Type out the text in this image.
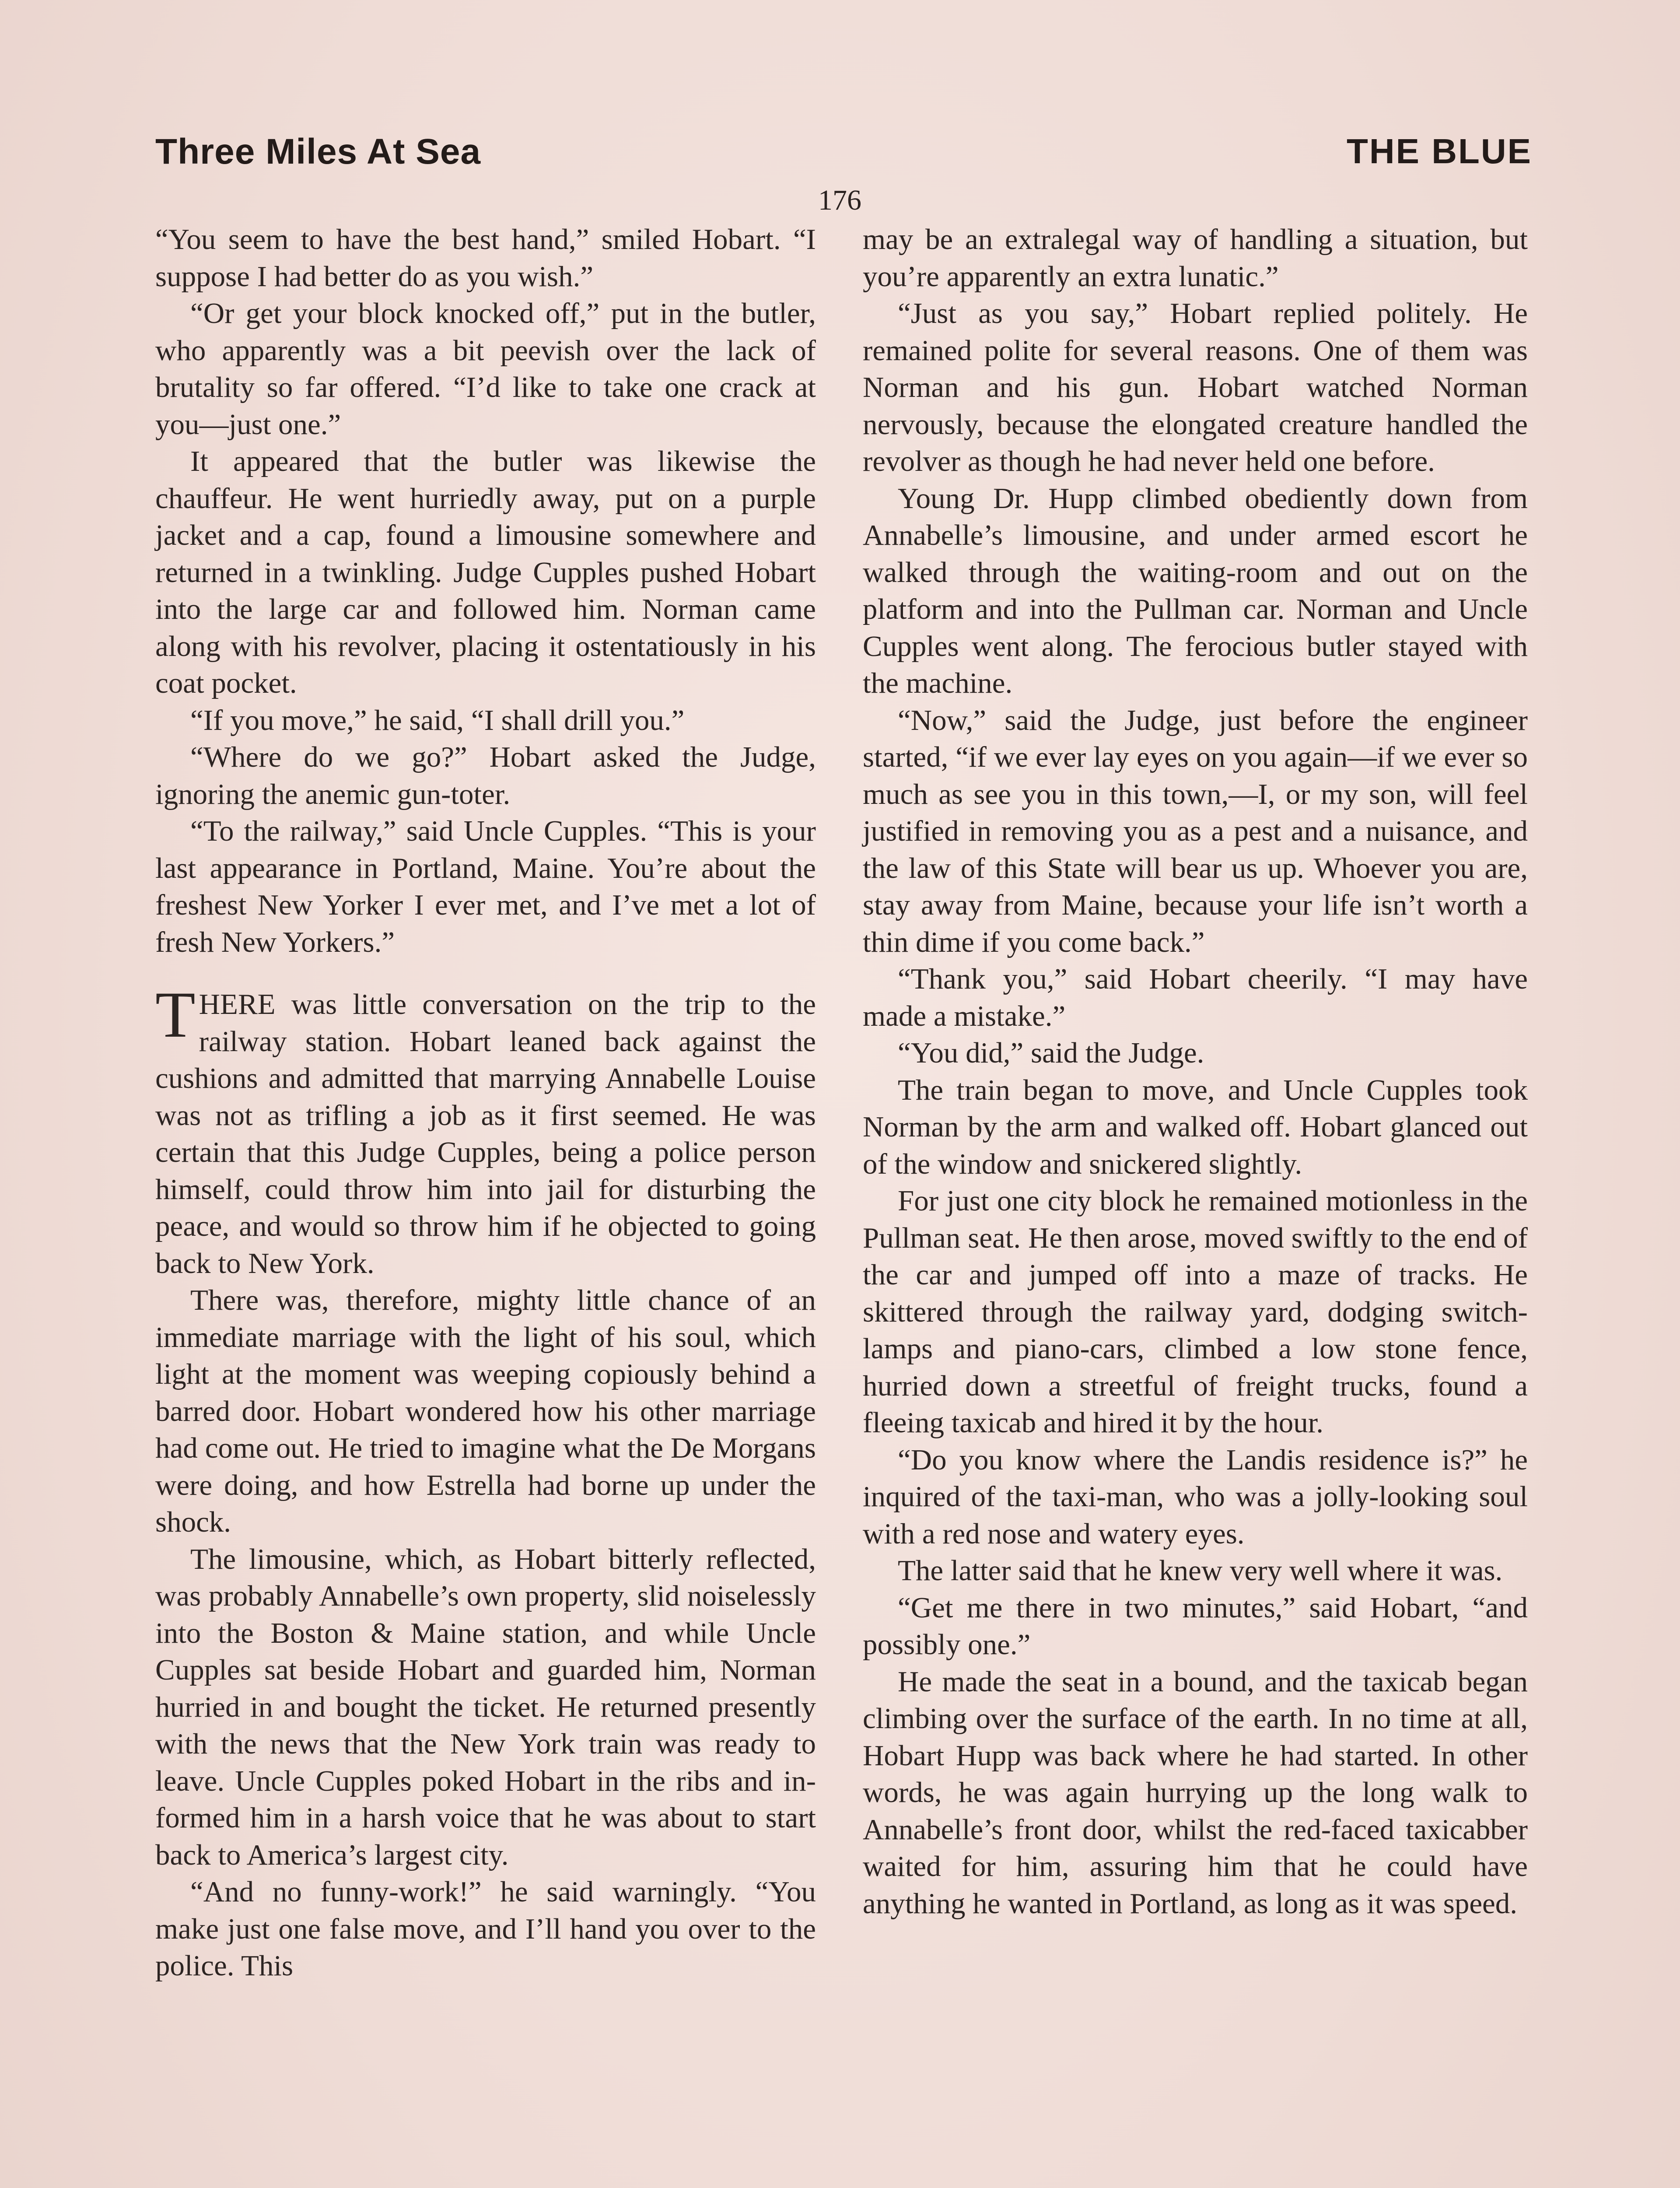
Three Miles At Sea	THE BLUE
176

“You seem to have the best hand,” smiled Hobart. “I suppose I had better do as you wish.”

“Or get your block knocked off,” put in the butler, who apparently was a bit peevish over the lack of brutality so far offered. “I’d like to take one crack at you—just one.”

It appeared that the butler was likewise the chauffeur. He went hurriedly away, put on a purple jacket and a cap, found a limousine somewhere and returned in a twinkling. Judge Cupples pushed Hobart into the large car and followed him. Norman came along with his revolver, placing it ostentatiously in his coat pocket.

“If you move,” he said, “I shall drill you.”

“Where do we go?” Hobart asked the Judge, ignoring the anemic gun-toter.

“To the railway,” said Uncle Cupples. “This is your last appearance in Portland, Maine. You’re about the freshest New Yorker I ever met, and I’ve met a lot of fresh New Yorkers.”

THERE was little conversation on the trip to the railway station. Hobart leaned back against the cushions and admitted that marrying Annabelle Louise was not as trifling a job as it first seemed. He was certain that this Judge Cupples, being a police person himself, could throw him into jail for disturbing the peace, and would so throw him if he objected to going back to New York.

There was, therefore, mighty little chance of an immediate marriage with the light of his soul, which light at the moment was weeping copiously behind a barred door. Hobart wondered how his other marriage had come out. He tried to imagine what the De Morgans were doing, and how Estrella had borne up under the shock.

The limousine, which, as Hobart bitterly reflected, was probably Annabelle’s own property, slid noiselessly into the Boston & Maine station, and while Uncle Cupples sat beside Hobart and guarded him, Norman hurried in and bought the ticket. He returned presently with the news that the New York train was ready to leave. Uncle Cupples poked Hobart in the ribs and informed him in a harsh voice that he was about to start back to America’s largest city.

“And no funny-work!” he said warningly. “You make just one false move, and I’ll hand you over to the police. This

may be an extralegal way of handling a situation, but you’re apparently an extra lunatic.”

“Just as you say,” Hobart replied politely. He remained polite for several reasons. One of them was Norman and his gun. Hobart watched Norman nervously, because the elongated creature handled the revolver as though he had never held one before.

Young Dr. Hupp climbed obediently down from Annabelle’s limousine, and under armed escort he walked through the waiting-room and out on the platform and into the Pullman car. Norman and Uncle Cupples went along. The ferocious butler stayed with the machine.

“Now,” said the Judge, just before the engineer started, “if we ever lay eyes on you again—if we ever so much as see you in this town,—I, or my son, will feel justified in removing you as a pest and a nuisance, and the law of this State will bear us up. Whoever you are, stay away from Maine, because your life isn’t worth a thin dime if you come back.”

“Thank you,” said Hobart cheerily. “I may have made a mistake.”

“You did,” said the Judge.

The train began to move, and Uncle Cupples took Norman by the arm and walked off. Hobart glanced out of the window and snickered slightly.

For just one city block he remained motionless in the Pullman seat. He then arose, moved swiftly to the end of the car and jumped off into a maze of tracks. He skittered through the railway yard, dodging switch-lamps and piano-cars, climbed a low stone fence, hurried down a streetful of freight trucks, found a fleeing taxicab and hired it by the hour.

“Do you know where the Landis residence is?” he inquired of the taxi-man, who was a jolly-looking soul with a red nose and watery eyes.

The latter said that he knew very well where it was.

“Get me there in two minutes,” said Hobart, “and possibly one.”

He made the seat in a bound, and the taxicab began climbing over the surface of the earth. In no time at all, Hobart Hupp was back where he had started. In other words, he was again hurrying up the long walk to Annabelle’s front door, whilst the red-faced taxicabber waited for him, assuring him that he could have anything he wanted in Portland, as long as it was speed.
